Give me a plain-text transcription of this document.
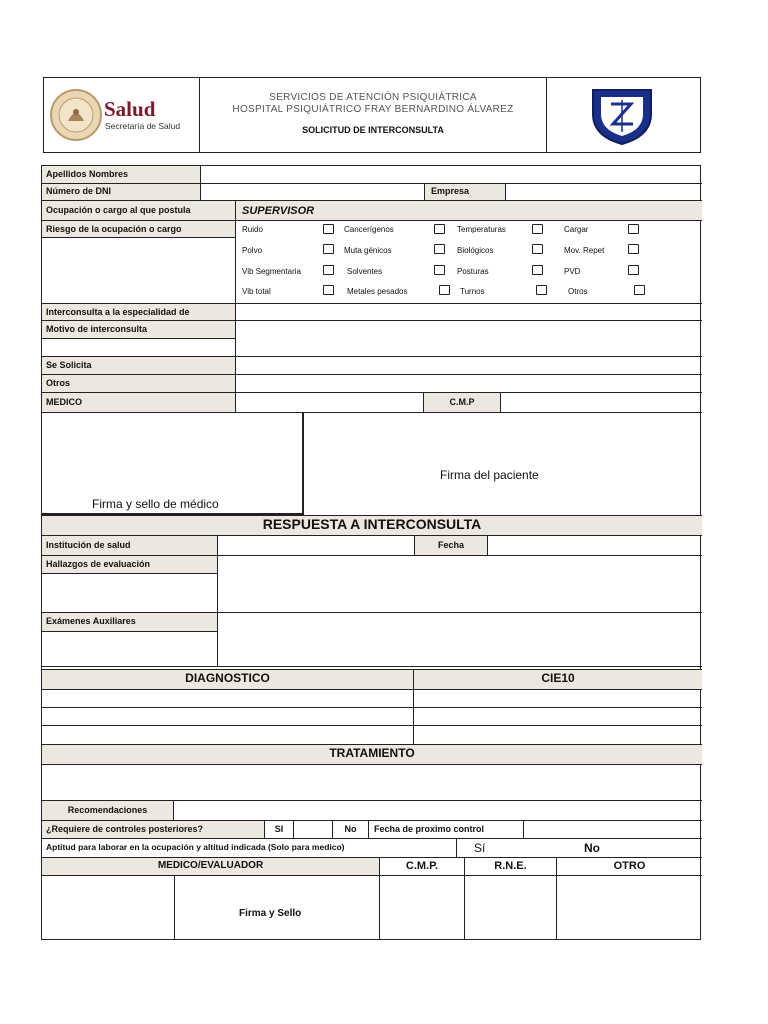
Salud
Secretaría de Salud
SERVICIOS DE ATENCIÓN PSIQUIÁTRICA
HOSPITAL PSIQUIÁTRICO FRAY BERNARDINO ÁLVAREZ
SOLICITUD DE INTERCONSULTA
Apellidos Nombres
Número de DNI	Empresa
Ocupación o cargo al que postula	SUPERVISOR
Riesgo de la ocupación o cargo	Ruido	Cancerígenos	Temperaturas	Cargar
Polvo	Muta génicos	Biológicos	Mov. Repet
Vib Segmentaria	Solventes	Posturas	PVD
Vib total	Metales pesados	Turnos	Otros
Interconsulta a la especialidad de
Motivo de interconsulta
Se Solicita
Otros
MEDICO	C.M.P
Firma y sello de médico
Firma del paciente
RESPUESTA A INTERCONSULTA
Institución de salud	Fecha
Hallazgos de evaluación
Exámenes Auxiliares
DIAGNOSTICO	CIE10
TRATAMIENTO
Recomendaciones
¿Requiere de controles posteriores?	SI	No	Fecha de proximo control
Aptitud para laborar en la ocupación y altitud indicada (Solo para medico)	Sí	No
MEDICO/EVALUADOR	C.M.P.	R.N.E.	OTRO
Firma y Sello
